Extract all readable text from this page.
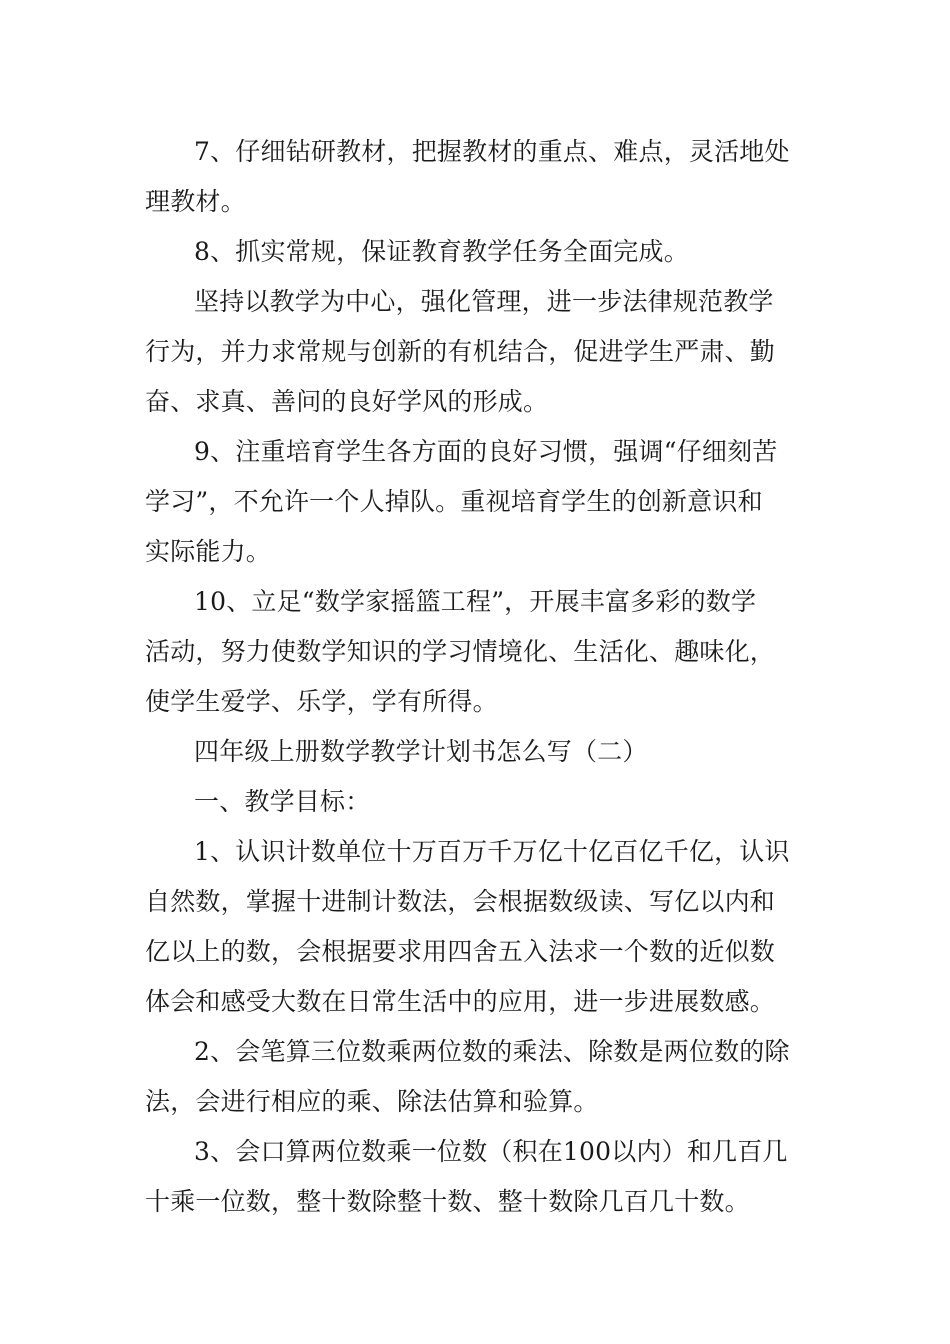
7、仔细钻研教材，把握教材的重点、难点，灵活地处
理教材。
8、抓实常规，保证教育教学任务全面完成。
坚持以教学为中心，强化管理，进一步法律规范教学
行为，并力求常规与创新的有机结合，促进学生严肃、勤
奋、求真、善问的良好学风的形成。
9、注重培育学生各方面的良好习惯，强调“仔细刻苦
学习”，不允许一个人掉队。重视培育学生的创新意识和
实际能力。
10、立足“数学家摇篮工程”，开展丰富多彩的数学
活动，努力使数学知识的学习情境化、生活化、趣味化，
使学生爱学、乐学，学有所得。
四年级上册数学教学计划书怎么写（二）
一、教学目标：
1、认识计数单位十万百万千万亿十亿百亿千亿，认识
自然数，掌握十进制计数法，会根据数级读、写亿以内和
亿以上的数，会根据要求用四舍五入法求一个数的近似数
体会和感受大数在日常生活中的应用，进一步进展数感。
2、会笔算三位数乘两位数的乘法、除数是两位数的除
法，会进行相应的乘、除法估算和验算。
3、会口算两位数乘一位数（积在100以内）和几百几
十乘一位数，整十数除整十数、整十数除几百几十数。
